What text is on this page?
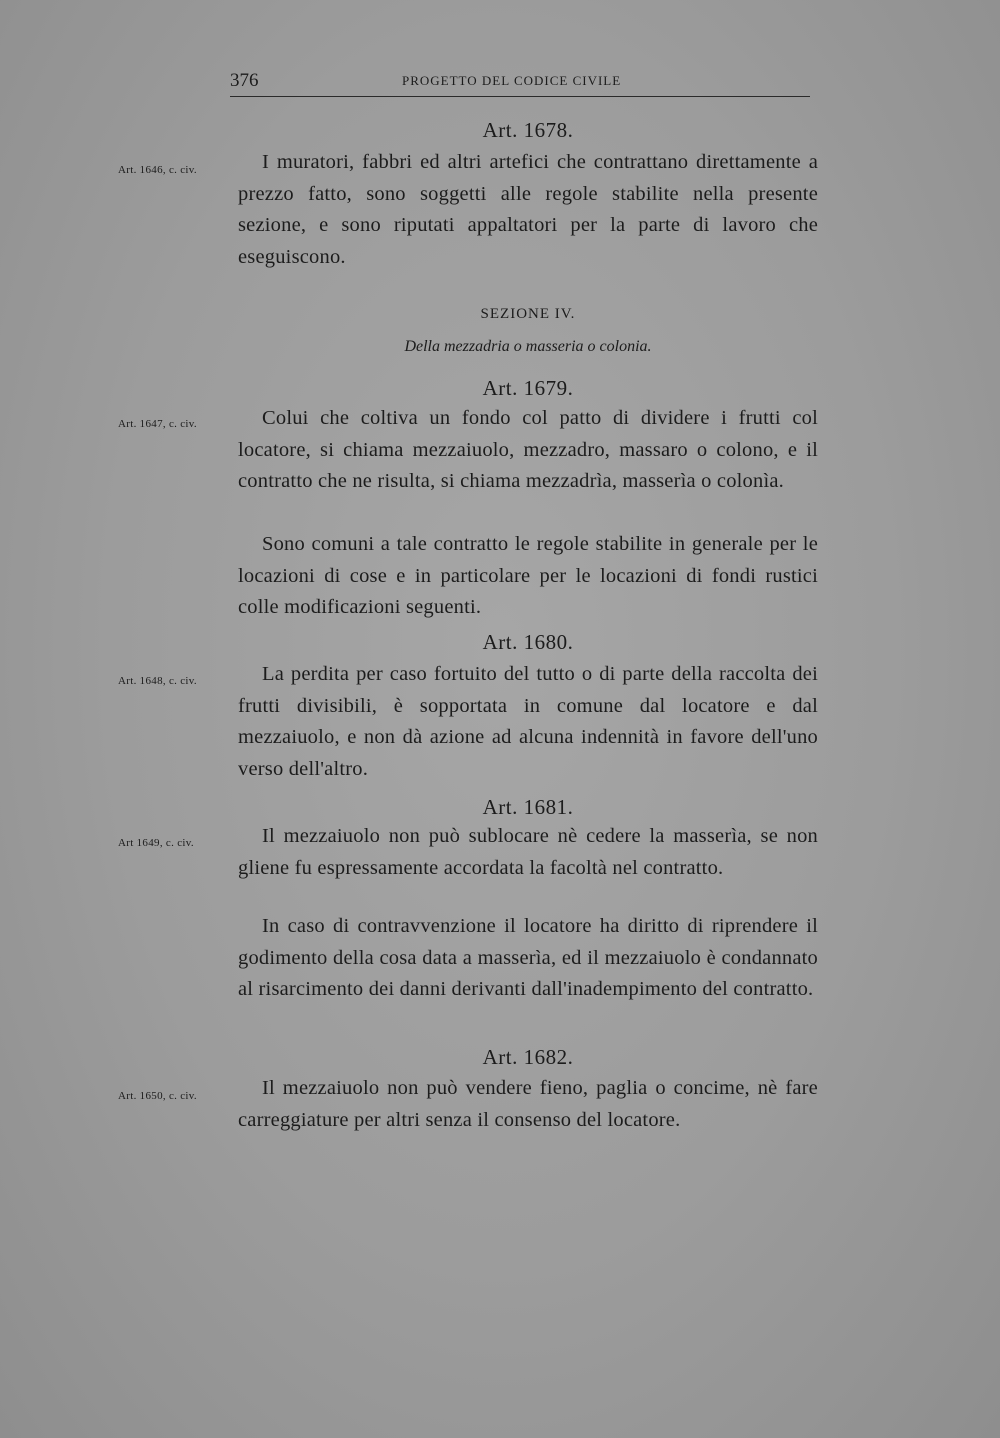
376	PROGETTO DEL CODICE CIVILE
Art. 1678.
Art. 1646, c. civ.	I muratori, fabbri ed altri artefici che contrattano direttamente a prezzo fatto, sono soggetti alle regole stabilite nella presente sezione, e sono riputati appaltatori per la parte di lavoro che eseguiscono.

SEZIONE IV.
Della mezzadria o masseria o colonia.
Art. 1679.
Art. 1647, c. civ.	Colui che coltiva un fondo col patto di dividere i frutti col locatore, si chiama mezzaiuolo, mezzadro, massaro o colono, e il contratto che ne risulta, si chiama mezzadrìa, masserìa o colonìa.

Sono comuni a tale contratto le regole stabilite in generale per le locazioni di cose e in particolare per le locazioni di fondi rustici colle modificazioni seguenti.

Art. 1680.
Art. 1648, c. civ.	La perdita per caso fortuito del tutto o di parte della raccolta dei frutti divisibili, è sopportata in comune dal locatore e dal mezzaiuolo, e non dà azione ad alcuna indennità in favore dell'uno verso dell'altro.

Art. 1681.
Art 1649, c. civ.	Il mezzaiuolo non può sublocare nè cedere la masserìa, se non gliene fu espressamente accordata la facoltà nel contratto.

In caso di contravvenzione il locatore ha diritto di riprendere il godimento della cosa data a masserìa, ed il mezzaiuolo è condannato al risarcimento dei danni derivanti dall'inadempimento del contratto.

Art. 1682.
Art. 1650, c. civ.	Il mezzaiuolo non può vendere fieno, paglia o concime, nè fare carreggiature per altri senza il consenso del locatore.
